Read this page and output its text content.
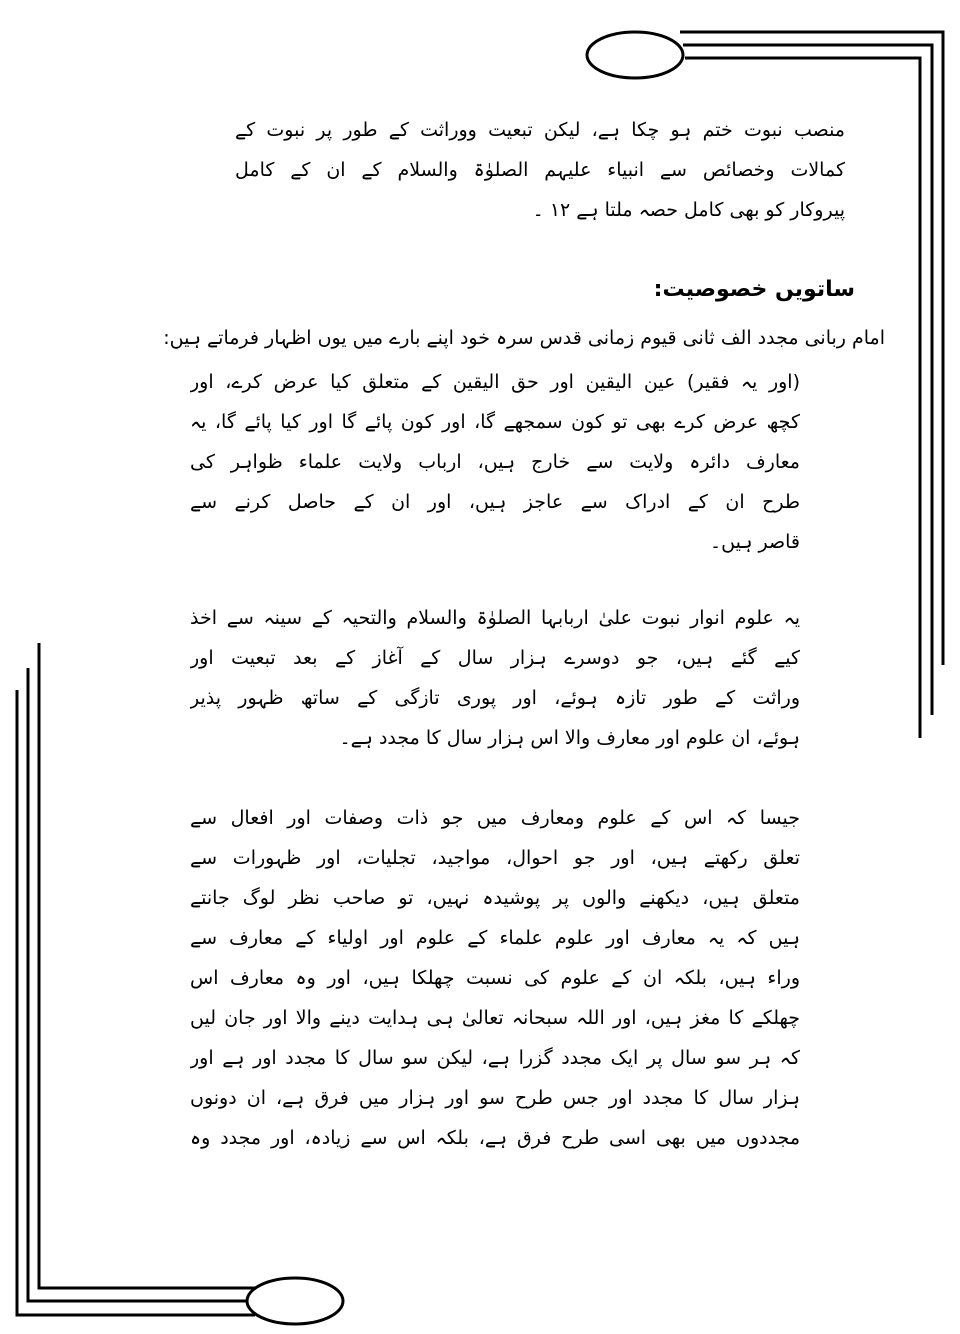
منصب نبوت ختم ہو چکا ہے، لیکن تبعیت ووراثت کے طور پر نبوت کے
کمالات وخصائص سے انبیاء علیہم الصلوٰۃ والسلام کے ان کے کامل
پیروکار کو بھی کامل حصہ ملتا ہے ۱۲ ۔
ساتویں خصوصیت:
امام ربانی مجدد الف ثانی قیوم زمانی قدس سرہ خود اپنے بارے میں یوں اظہار فرماتے ہیں:
(اور یہ فقیر) عین الیقین اور حق الیقین کے متعلق کیا عرض کرے، اور
کچھ عرض کرے بھی تو کون سمجھے گا، اور کون پائے گا اور کیا پائے گا، یہ
معارف دائرہ ولایت سے خارج ہیں، ارباب ولایت علماء ظواہر کی
طرح ان کے ادراک سے عاجز ہیں، اور ان کے حاصل کرنے سے
قاصر ہیں۔
یہ علوم انوار نبوت علیٰ اربابہا الصلوٰۃ والسلام والتحیہ کے سینہ سے اخذ
کیے گئے ہیں، جو دوسرے ہزار سال کے آغاز کے بعد تبعیت اور
وراثت کے طور تازہ ہوئے، اور پوری تازگی کے ساتھ ظہور پذیر
ہوئے، ان علوم اور معارف والا اس ہزار سال کا مجدد ہے۔
جیسا کہ اس کے علوم ومعارف میں جو ذات وصفات اور افعال سے
تعلق رکھتے ہیں، اور جو احوال، مواجید، تجلیات، اور ظہورات سے
متعلق ہیں، دیکھنے والوں پر پوشیدہ نہیں، تو صاحب نظر لوگ جانتے
ہیں کہ یہ معارف اور علوم علماء کے علوم اور اولیاء کے معارف سے
وراء ہیں، بلکہ ان کے علوم کی نسبت چھلکا ہیں، اور وہ معارف اس
چھلکے کا مغز ہیں، اور اللہ سبحانہ تعالیٰ ہی ہدایت دینے والا اور جان لیں
کہ ہر سو سال پر ایک مجدد گزرا ہے، لیکن سو سال کا مجدد اور ہے اور
ہزار سال کا مجدد اور جس طرح سو اور ہزار میں فرق ہے، ان دونوں
مجددوں میں بھی اسی طرح فرق ہے، بلکہ اس سے زیادہ، اور مجدد وہ
